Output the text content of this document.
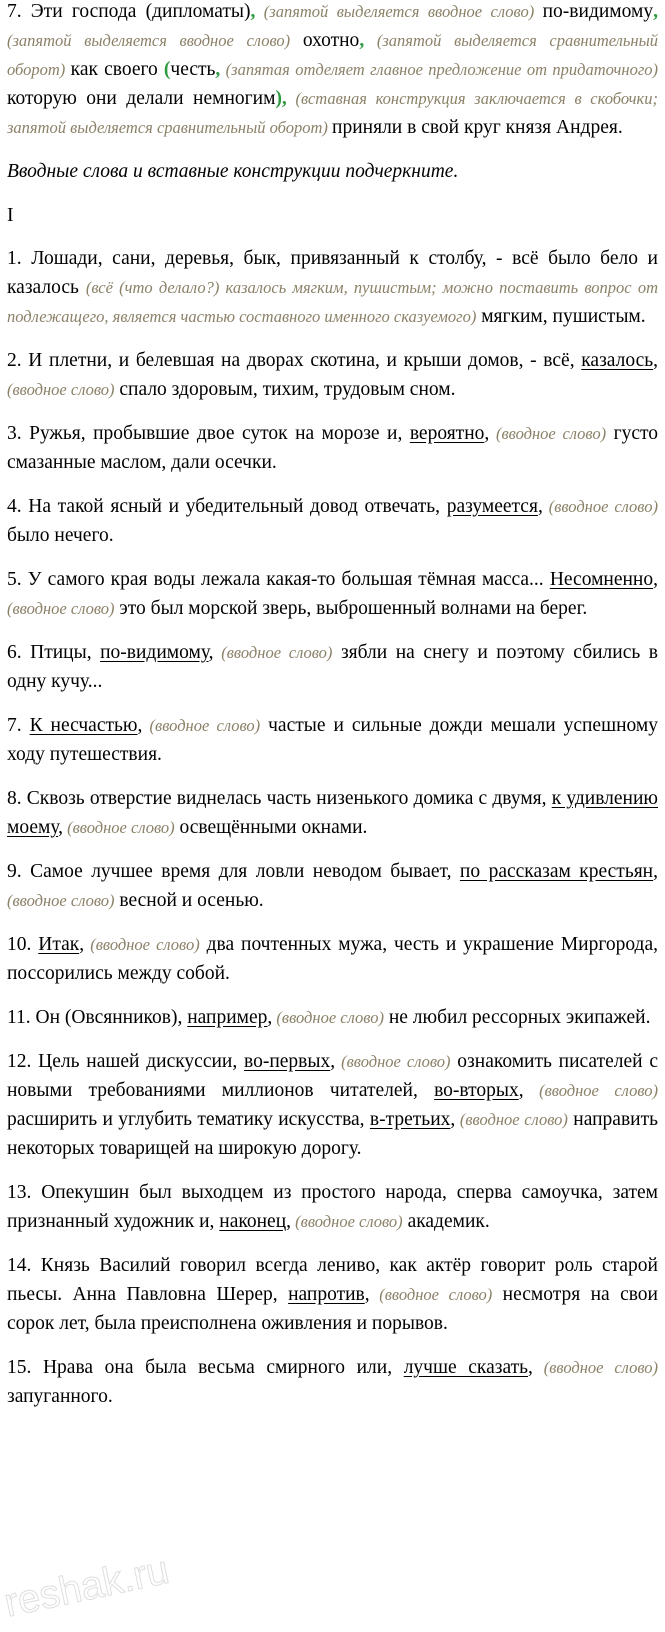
7. Эти господа (дипломаты), (запятой выделяется вводное слово) по-видимому, (запятой выделяется вводное слово) охотно, (запятой выделяется сравнительный оборот) как своего (честь, (запятая отделяет главное предложение от придаточного) которую они делали немногим), (вставная конструкция заключается в скобочки; запятой выделяется сравнительный оборот) приняли в свой круг князя Андрея.

Вводные слова и вставные конструкции подчеркните.

I

1. Лошади, сани, деревья, бык, привязанный к столбу, - всё было бело и казалось (всё (что делало?) казалось мягким, пушистым; можно поставить вопрос от подлежащего, является частью составного именного сказуемого) мягким, пушистым.

2. И плетни, и белевшая на дворах скотина, и крыши домов, - всё, казалось, (вводное слово) спало здоровым, тихим, трудовым сном.

3. Ружья, пробывшие двое суток на морозе и, вероятно, (вводное слово) густо смазанные маслом, дали осечки.

4. На такой ясный и убедительный довод отвечать, разумеется, (вводное слово) было нечего.

5. У самого края воды лежала какая-то большая тёмная масса... Несомненно, (вводное слово) это был морской зверь, выброшенный волнами на берег.

6. Птицы, по-видимому, (вводное слово) зябли на снегу и поэтому сбились в одну кучу...

7. К несчастью, (вводное слово) частые и сильные дожди мешали успешному ходу путешествия.

8. Сквозь отверстие виднелась часть низенького домика с двумя, к удивлению моему, (вводное слово) освещёнными окнами.

9. Самое лучшее время для ловли неводом бывает, по рассказам крестьян, (вводное слово) весной и осенью.

10. Итак, (вводное слово) два почтенных мужа, честь и украшение Миргорода, поссорились между собой.

11. Он (Овсянников), например, (вводное слово) не любил рессорных экипажей.

12. Цель нашей дискуссии, во-первых, (вводное слово) ознакомить писателей с новыми требованиями миллионов читателей, во-вторых, (вводное слово) расширить и углубить тематику искусства, в-третьих, (вводное слово) направить некоторых товарищей на широкую дорогу.

13. Опекушин был выходцем из простого народа, сперва самоучка, затем признанный художник и, наконец, (вводное слово) академик.

14. Князь Василий говорил всегда лениво, как актёр говорит роль старой пьесы. Анна Павловна Шерер, напротив, (вводное слово) несмотря на свои сорок лет, была преисполнена оживления и порывов.

15. Нрава она была весьма смирного или, лучше сказать, (вводное слово) запуганного.

reshak.ru
